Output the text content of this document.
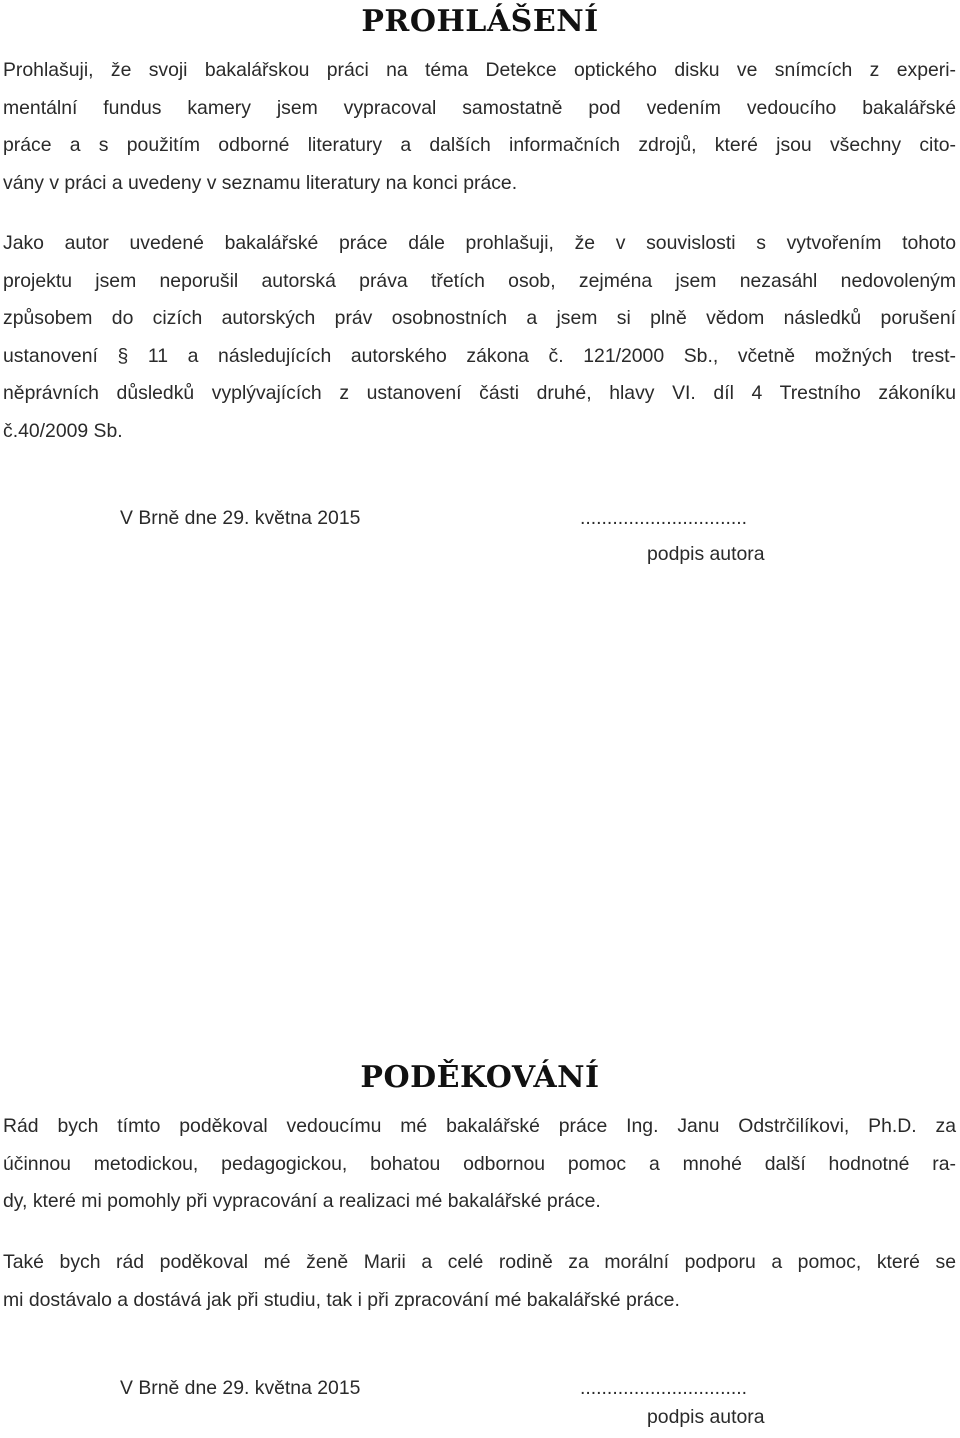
PROHLÁŠENÍ
Prohlašuji, že svoji bakalářskou práci na téma Detekce optického disku ve snímcích z experi-
mentální fundus kamery jsem vypracoval samostatně pod vedením vedoucího bakalářské
práce a s použitím odborné literatury a dalších informačních zdrojů, které jsou všechny cito-
vány v práci a uvedeny v seznamu literatury na konci práce.
Jako autor uvedené bakalářské práce dále prohlašuji, že v souvislosti s vytvořením tohoto
projektu jsem neporušil autorská práva třetích osob, zejména jsem nezasáhl nedovoleným
způsobem do cizích autorských práv osobnostních a jsem si plně vědom následků porušení
ustanovení § 11 a následujících autorského zákona č. 121/2000 Sb., včetně možných trest-
něprávních důsledků vyplývajících z ustanovení části druhé, hlavy VI. díl 4 Trestního zákoníku
č.40/2009 Sb.
V Brně dne 29. května 2015	...............................
podpis autora
PODĚKOVÁNÍ
Rád bych tímto poděkoval vedoucímu mé bakalářské práce Ing. Janu Odstrčilíkovi, Ph.D. za
účinnou metodickou, pedagogickou, bohatou odbornou pomoc a mnohé další hodnotné ra-
dy, které mi pomohly při vypracování a realizaci mé bakalářské práce.
Také bych rád poděkoval mé ženě Marii a celé rodině za morální podporu a pomoc, které se
mi dostávalo a dostává jak při studiu, tak i při zpracování mé bakalářské práce.
V Brně dne 29. května 2015	...............................
podpis autora
